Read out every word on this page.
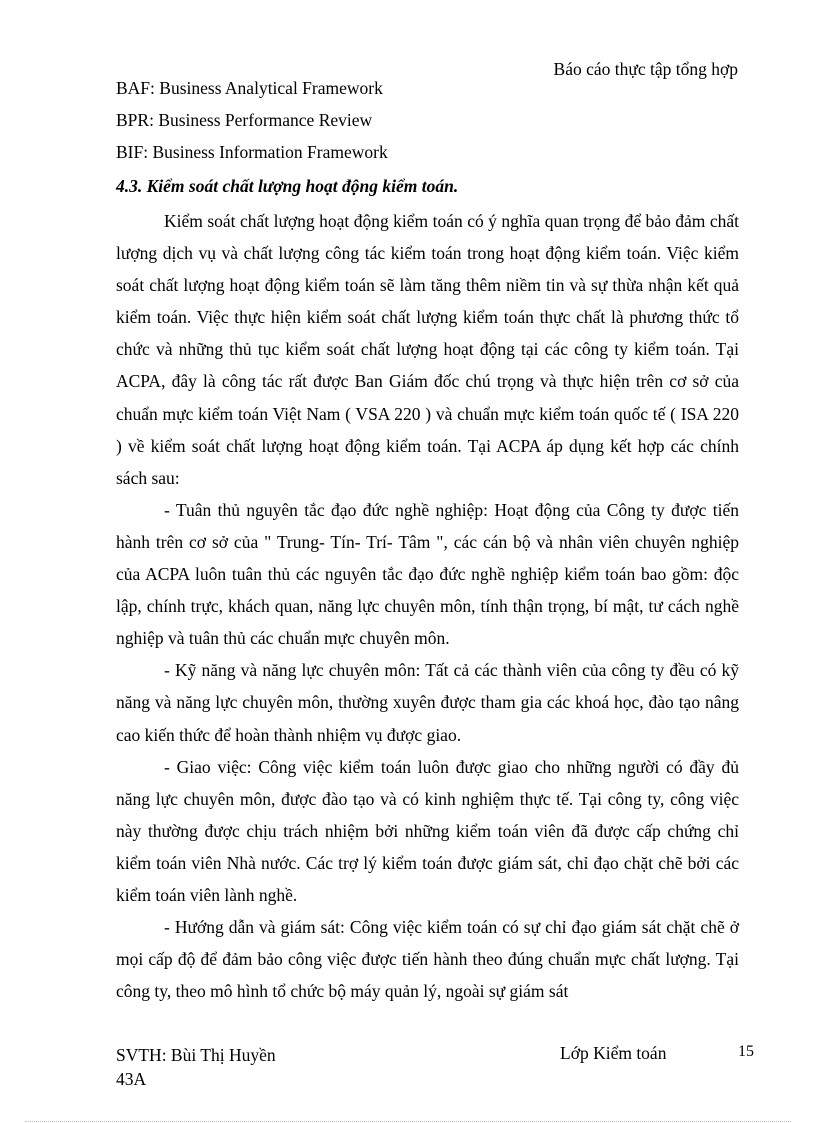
Báo cáo thực tập tổng hợp
BAF: Business Analytical Framework
BPR: Business Performance Review
BIF: Business Information Framework
4.3. Kiểm soát chất lượng hoạt động kiểm toán.

Kiểm soát chất lượng hoạt động kiểm toán có ý nghĩa quan trọng để bảo đảm chất lượng dịch vụ và chất lượng công tác kiểm toán trong hoạt động kiểm toán. Việc kiểm soát chất lượng hoạt động kiểm toán sẽ làm tăng thêm niềm tin và sự thừa nhận kết quả kiểm toán. Việc thực hiện kiểm soát chất lượng kiểm toán thực chất là phương thức tổ chức và những thủ tục kiểm soát chất lượng hoạt động tại các công ty kiểm toán. Tại ACPA, đây là công tác rất được Ban Giám đốc chú trọng và thực hiện trên cơ sở của chuẩn mực kiểm toán Việt Nam ( VSA 220 ) và chuẩn mực kiểm toán quốc tế ( ISA 220 ) về kiểm soát chất lượng hoạt động kiểm toán. Tại ACPA áp dụng kết hợp các chính sách sau:

- Tuân thủ nguyên tắc đạo đức nghề nghiệp: Hoạt động của Công ty được tiến hành trên cơ sở của " Trung- Tín- Trí- Tâm ", các cán bộ và nhân viên chuyên nghiệp của ACPA luôn tuân thủ các nguyên tắc đạo đức nghề nghiệp kiểm toán bao gồm: độc lập, chính trực, khách quan, năng lực chuyên môn, tính thận trọng, bí mật, tư cách nghề nghiệp và tuân thủ các chuẩn mực chuyên môn.

- Kỹ năng và năng lực chuyên môn: Tất cả các thành viên của công ty đều có kỹ năng và năng lực chuyên môn, thường xuyên được tham gia các khoá học, đào tạo nâng cao kiến thức để hoàn thành nhiệm vụ được giao.

- Giao việc: Công việc kiểm toán luôn được giao cho những người có đầy đủ năng lực chuyên môn, được đào tạo và có kinh nghiệm thực tế. Tại công ty, công việc này thường được chịu trách nhiệm bởi những kiểm toán viên đã được cấp chứng chỉ kiểm toán viên Nhà nước. Các trợ lý kiểm toán được giám sát, chỉ đạo chặt chẽ bởi các kiểm toán viên lành nghề.

- Hướng dẫn và giám sát: Công việc kiểm toán có sự chỉ đạo giám sát chặt chẽ ở mọi cấp độ để đảm bảo công việc được tiến hành theo đúng chuẩn mực chất lượng. Tại công ty, theo mô hình tổ chức bộ máy quản lý, ngoài sự giám sát

SVTH: Bùi Thị Huyền
43A
Lớp Kiểm toán	15
